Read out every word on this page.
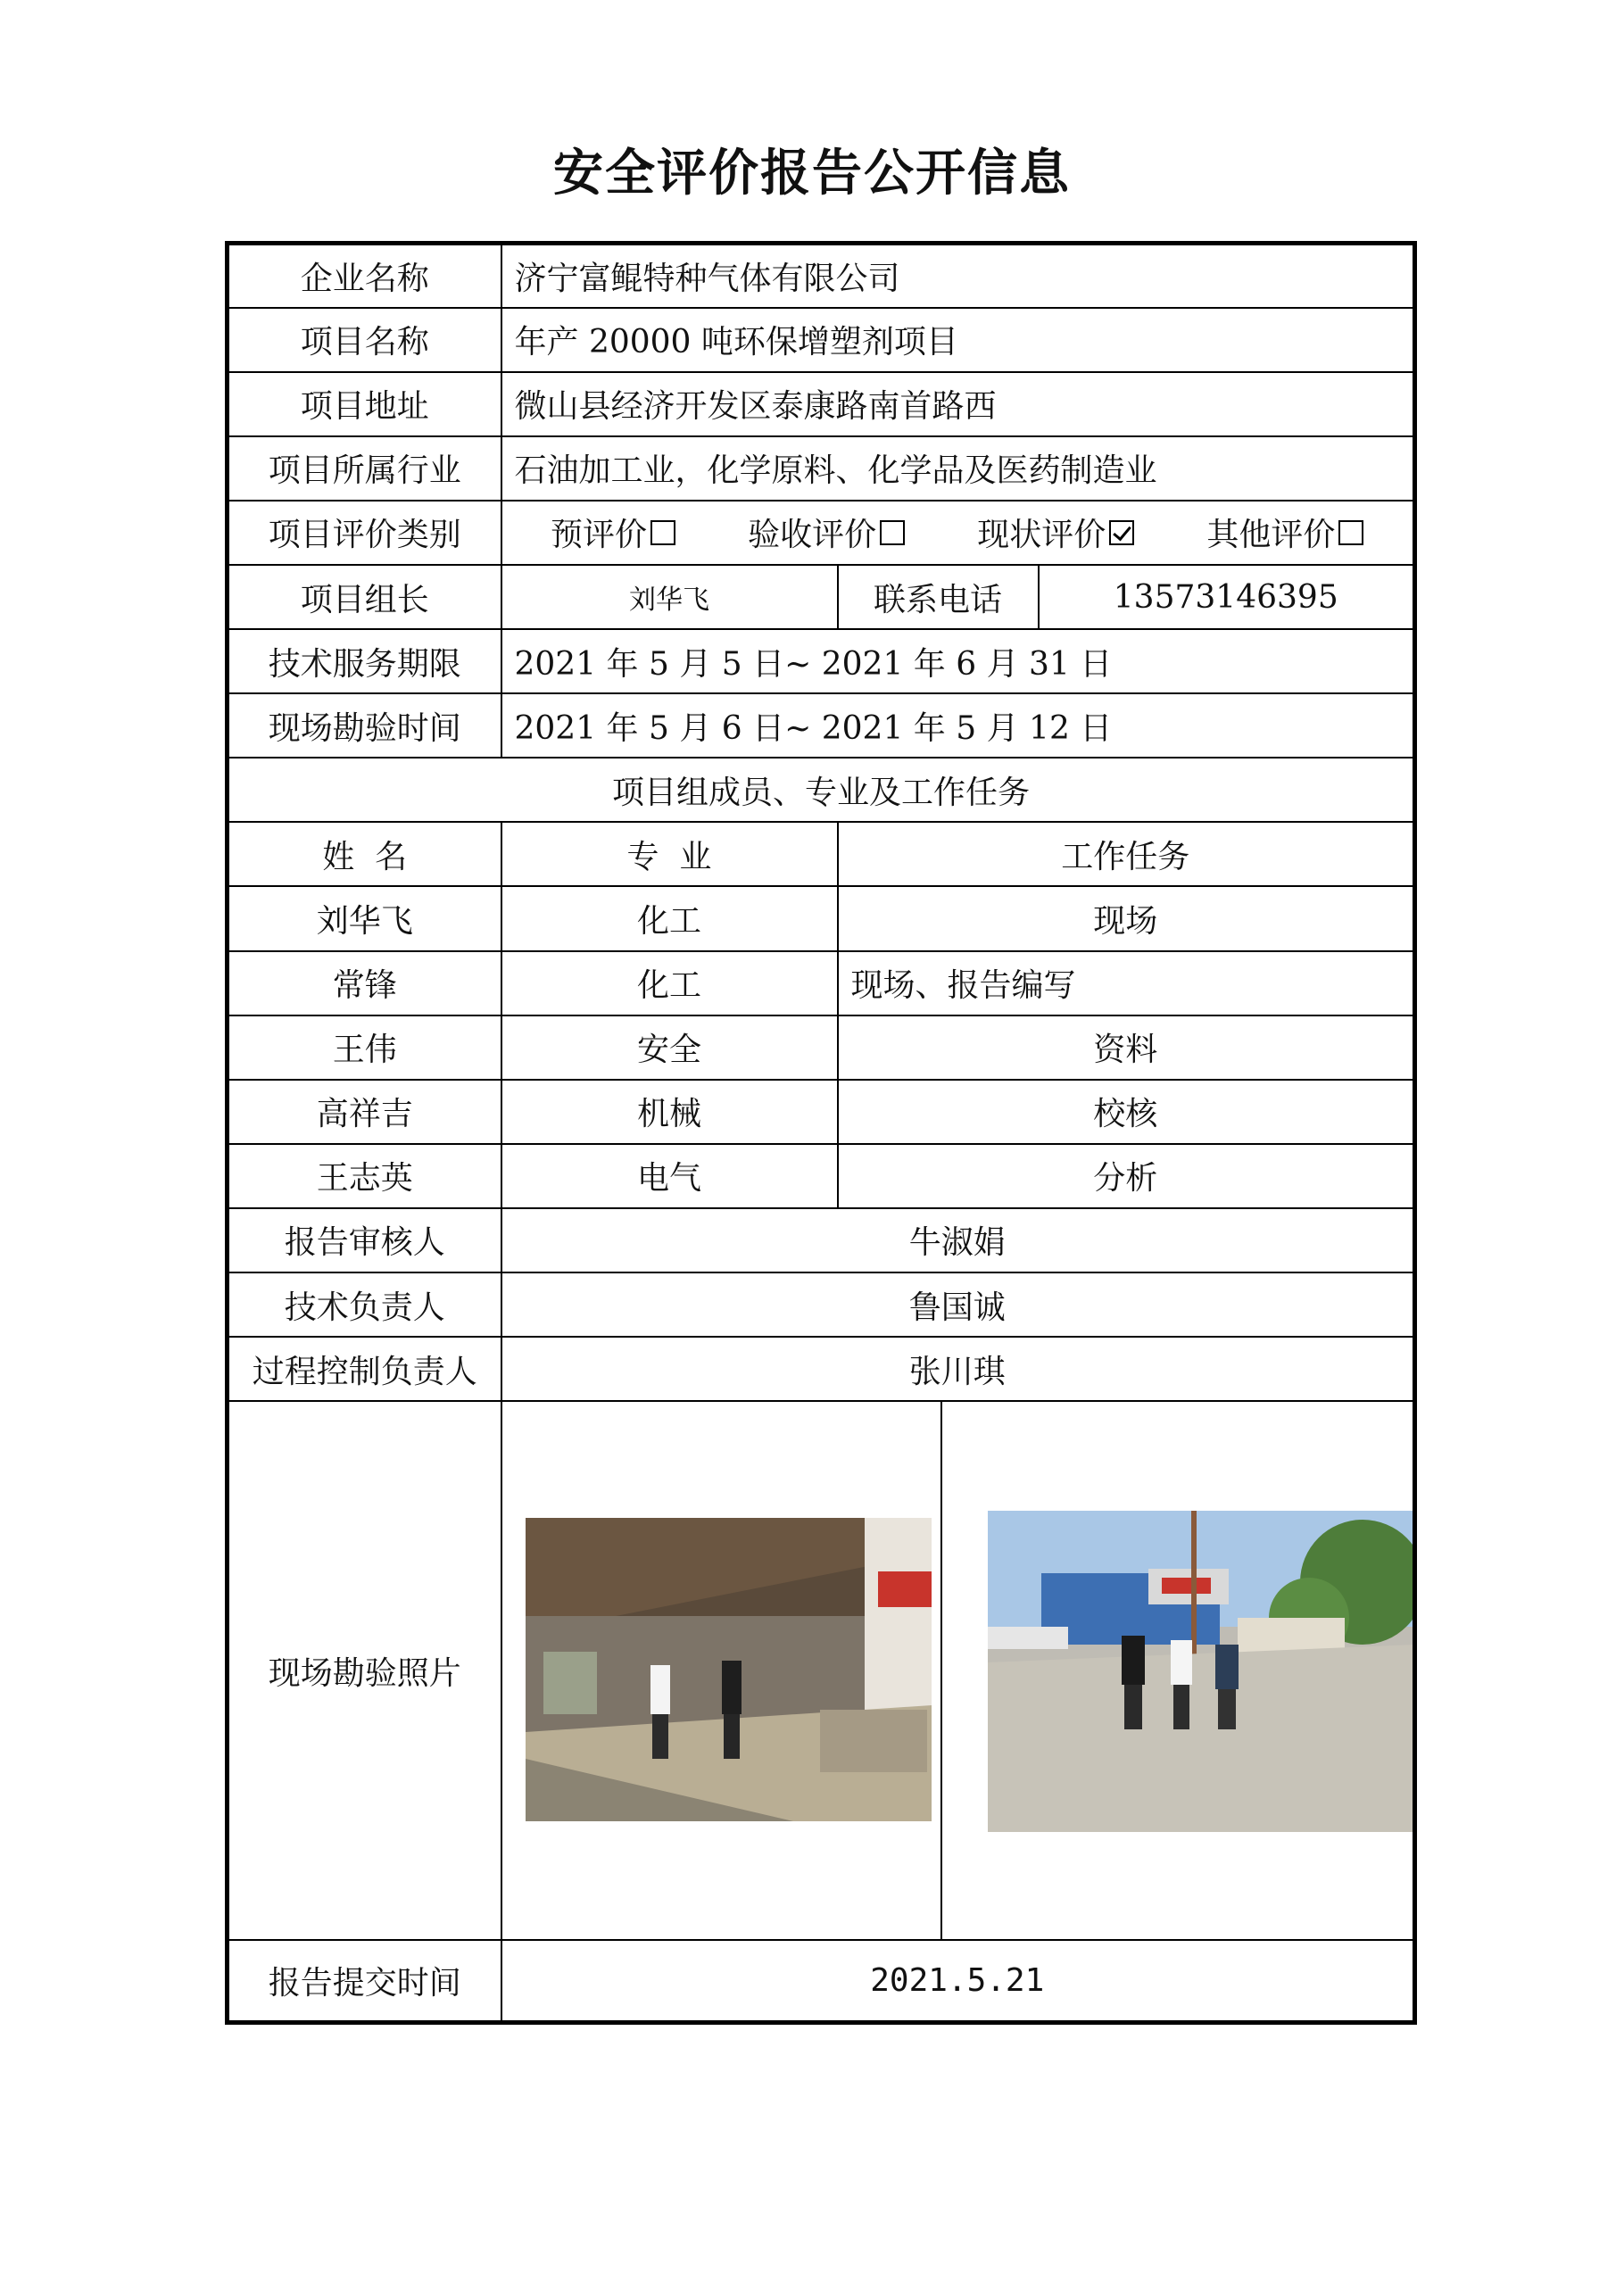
安全评价报告公开信息
企业名称	济宁富鲲特种气体有限公司		
项目名称	年产 20000 吨环保增塑剂项目		
项目地址	微山县经济开发区泰康路南首路西		
项目所属行业	石油加工业，化学原料、化学品及医药制造业		
项目评价类别	预评价 验收评价 现状评价 其他评价		

项目组长	刘华飞	联系电话	13573146395
技术服务期限	2021 年 5 月 5 日~ 2021 年 6 月 31 日		
现场勘验时间	2021 年 5 月 6 日~ 2021 年 5 月 12 日		
项目组成员、专业及工作任务			
姓  名	专  业	工作任务	
刘华飞	化工	现场	
常锋	化工	现场、报告编写	
王伟	安全	资料	
高祥吉	机械	校核	
王志英	电气	分析	
报告审核人	牛淑娟		
技术负责人	鲁国诚		
过程控制负责人	张川琪		
现场勘验照片	

报告提交时间	2021.5.21		
